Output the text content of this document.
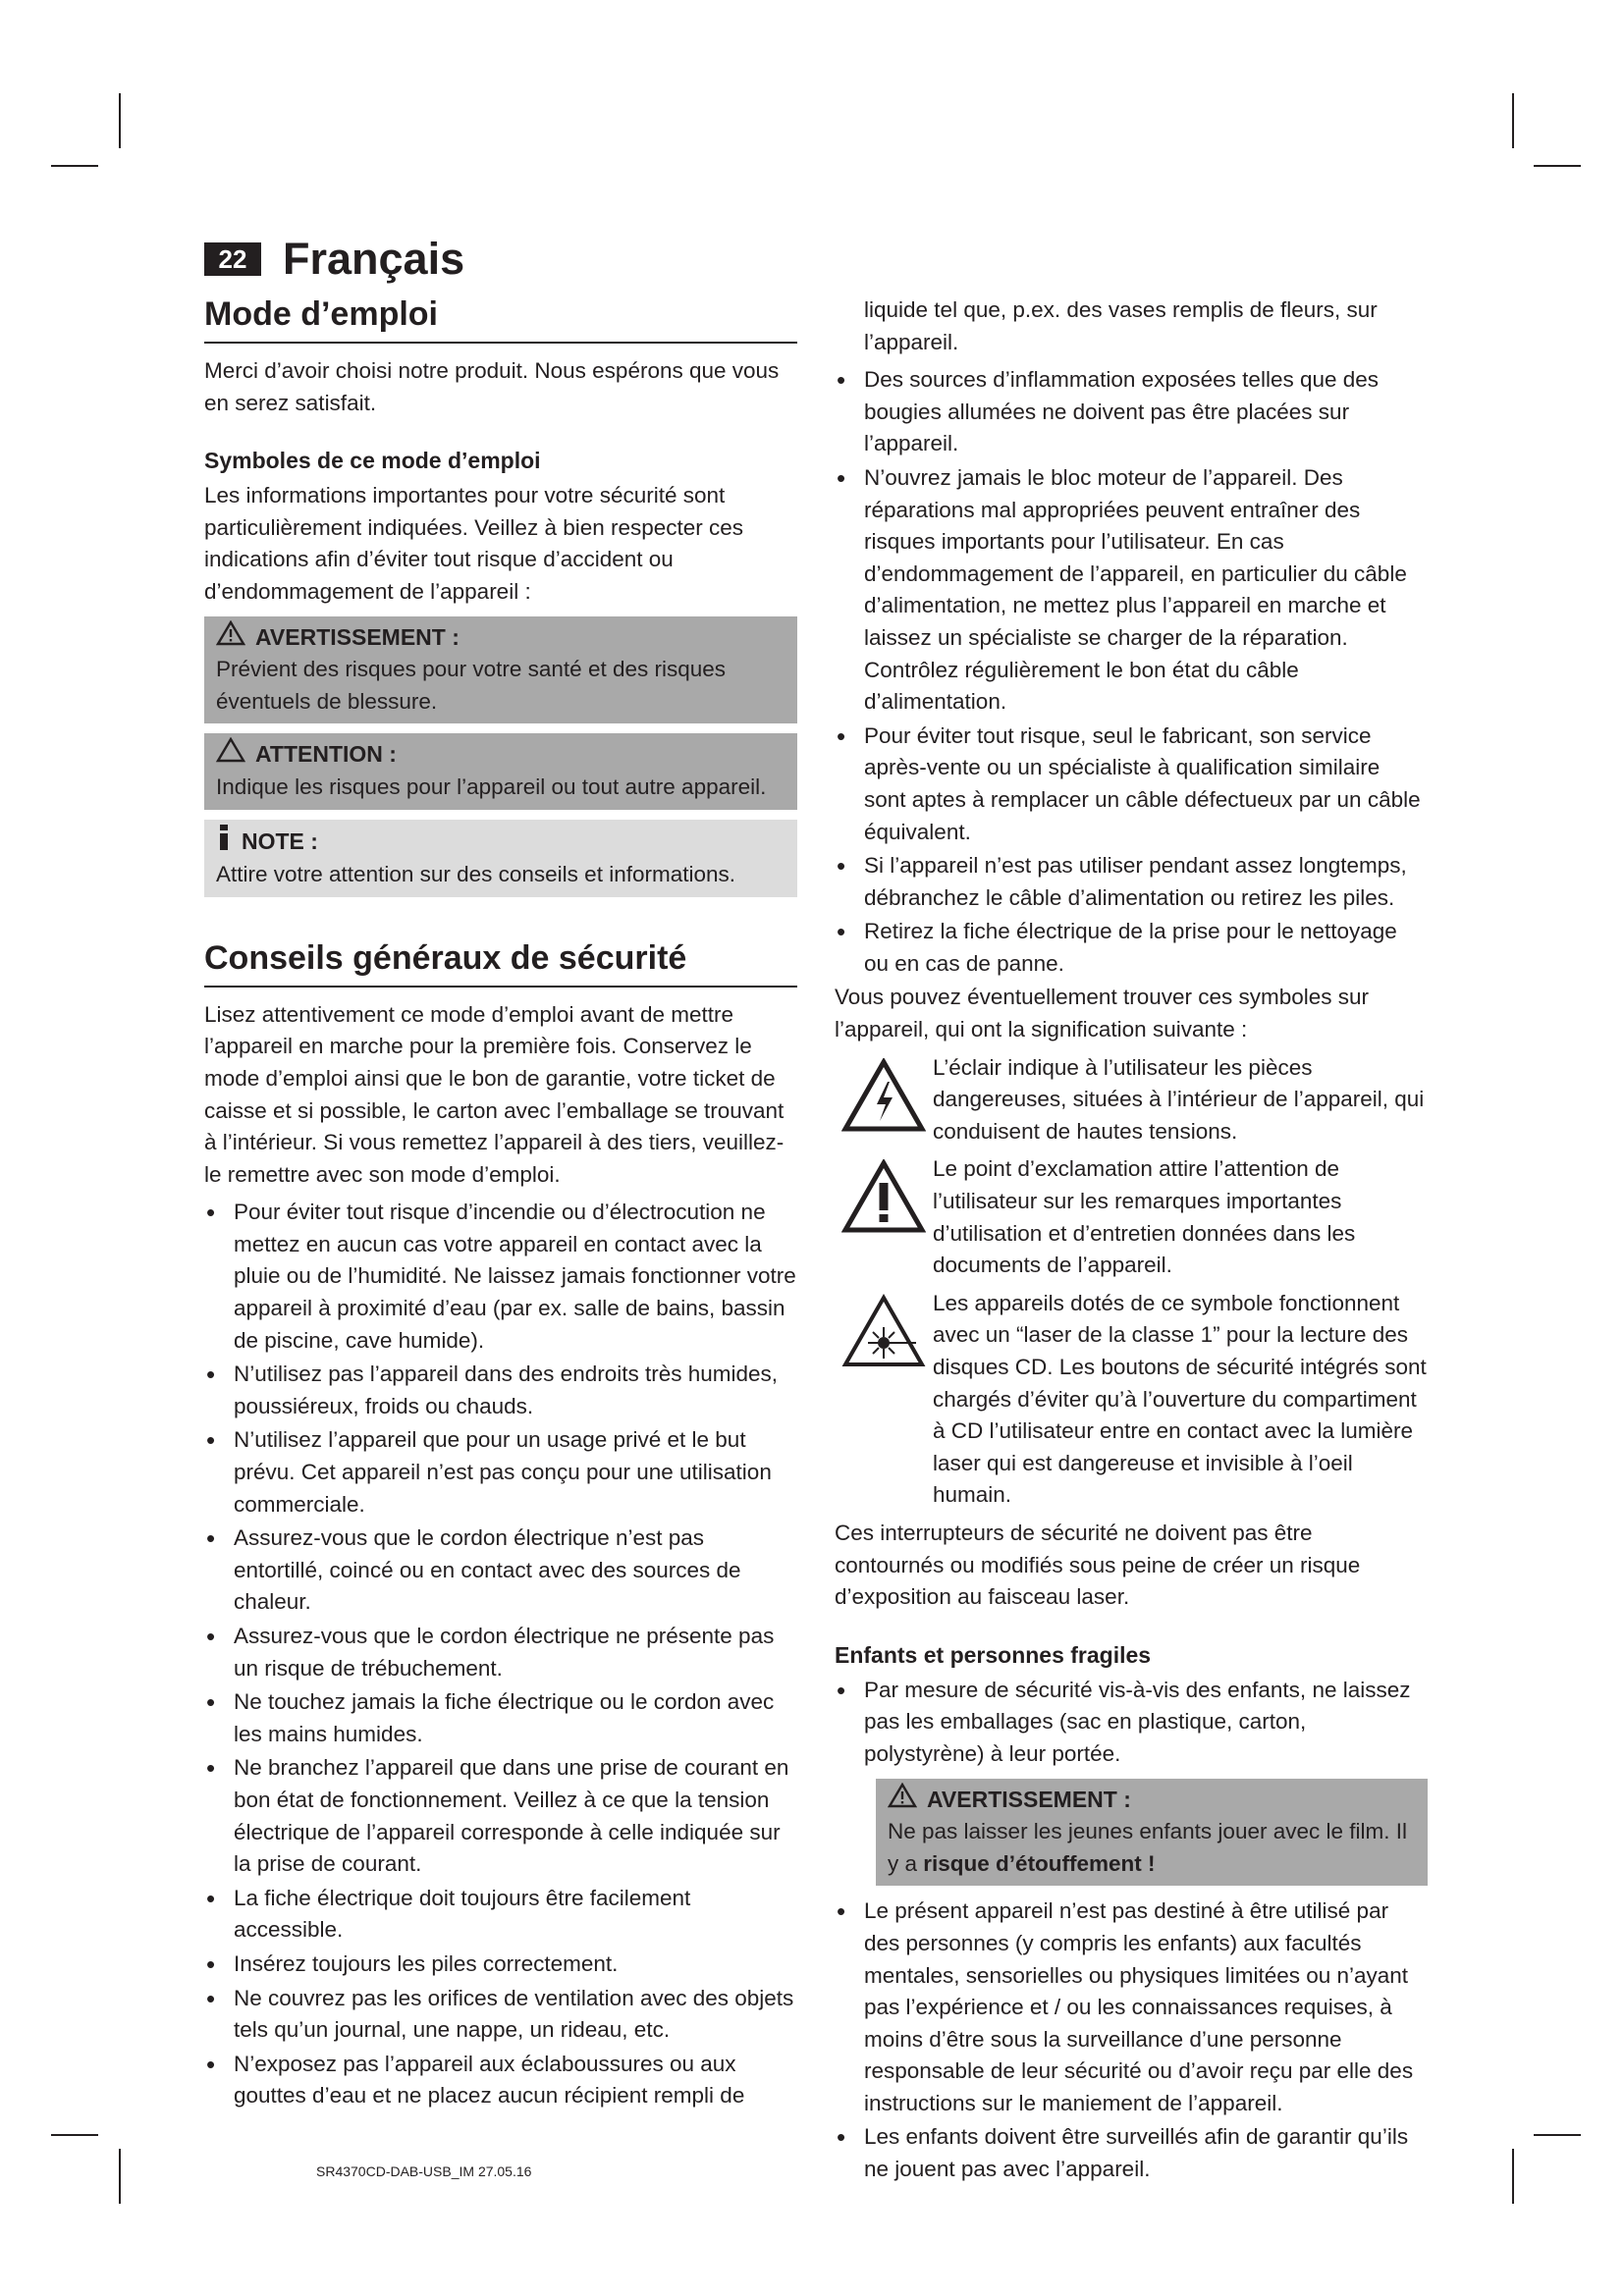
22 Français
Mode d’emploi

Merci d’avoir choisi notre produit. Nous espérons que vous en serez satisfait.

Symboles de ce mode d’emploi

Les informations importantes pour votre sécurité sont particulièrement indiquées. Veillez à bien respecter ces indications afin d’éviter tout risque d’accident ou d’endommagement de l’appareil :

AVERTISSEMENT :
Prévient des risques pour votre santé et des risques éventuels de blessure.
ATTENTION :
Indique les risques pour l’appareil ou tout autre appareil.
NOTE :
Attire votre attention sur des conseils et informations.
Conseils généraux de sécurité

Lisez attentivement ce mode d’emploi avant de mettre l’appareil en marche pour la première fois. Conservez le mode d’emploi ainsi que le bon de garantie, votre ticket de caisse et si possible, le carton avec l’emballage se trouvant à l’intérieur. Si vous remettez l’appareil à des tiers, veuillez-le remettre avec son mode d’emploi.

• Pour éviter tout risque d’incendie ou d’électrocution ne mettez en aucun cas votre appareil en contact avec la pluie ou de l’humidité. Ne laissez jamais fonctionner votre appareil à proximité d’eau (par ex. salle de bains, bassin de piscine, cave humide).
• N’utilisez pas l’appareil dans des endroits très humides, poussiéreux, froids ou chauds.
• N’utilisez l’appareil que pour un usage privé et le but prévu. Cet appareil n’est pas conçu pour une utilisation commerciale.
• Assurez-vous que le cordon électrique n’est pas entortillé, coincé ou en contact avec des sources de chaleur.
• Assurez-vous que le cordon électrique ne présente pas un risque de trébuchement.
• Ne touchez jamais la fiche électrique ou le cordon avec les mains humides.
• Ne branchez l’appareil que dans une prise de courant en bon état de fonctionnement. Veillez à ce que la tension électrique de l’appareil corresponde à celle indiquée sur la prise de courant.
• La fiche électrique doit toujours être facilement accessible.
• Insérez toujours les piles correctement.
• Ne couvrez pas les orifices de ventilation avec des objets tels qu’un journal, une nappe, un rideau, etc.
• N’exposez pas l’appareil aux éclaboussures ou aux gouttes d’eau et ne placez aucun récipient rempli de

liquide tel que, p.ex. des vases remplis de fleurs, sur l’appareil.

• Des sources d’inflammation exposées telles que des bougies allumées ne doivent pas être placées sur l’appareil.
• N’ouvrez jamais le bloc moteur de l’appareil. Des réparations mal appropriées peuvent entraîner des risques importants pour l’utilisateur. En cas d’endommagement de l’appareil, en particulier du câble d’alimentation, ne mettez plus l’appareil en marche et laissez un spécialiste se charger de la réparation. Contrôlez régulièrement le bon état du câble d’alimentation.
• Pour éviter tout risque, seul le fabricant, son service après-vente ou un spécialiste à qualification similaire sont aptes à remplacer un câble défectueux par un câble équivalent.
• Si l’appareil n’est pas utiliser pendant assez longtemps, débranchez le câble d’alimentation ou retirez les piles.
• Retirez la fiche électrique de la prise pour le nettoyage ou en cas de panne.

Vous pouvez éventuellement trouver ces symboles sur l’appareil, qui ont la signification suivante :

L’éclair indique à l’utilisateur les pièces dangereuses, situées à l’intérieur de l’appareil, qui conduisent de hautes tensions.
Le point d’exclamation attire l’attention de l’utilisateur sur les remarques importantes d’utilisation et d’entretien données dans les documents de l’appareil.
Les appareils dotés de ce symbole fonctionnent avec un “laser de la classe 1” pour la lecture des disques CD. Les boutons de sécurité intégrés sont chargés d’éviter qu’à l’ouverture du compartiment à CD l’utilisateur entre en contact avec la lumière laser qui est dangereuse et invisible à l’oeil humain.

Ces interrupteurs de sécurité ne doivent pas être contournés ou modifiés sous peine de créer un risque d’exposition au faisceau laser.

Enfants et personnes fragiles
• Par mesure de sécurité vis-à-vis des enfants, ne laissez pas les emballages (sac en plastique, carton, polystyrène) à leur portée.
AVERTISSEMENT :
Ne pas laisser les jeunes enfants jouer avec le film. Il y a risque d’étouffement !
• Le présent appareil n’est pas destiné à être utilisé par des personnes (y compris les enfants) aux facultés mentales, sensorielles ou physiques limitées ou n’ayant pas l’expérience et / ou les connaissances requises, à moins d’être sous la surveillance d’une personne responsable de leur sécurité ou d’avoir reçu par elle des instructions sur le maniement de l’appareil.
• Les enfants doivent être surveillés afin de garantir qu’ils ne jouent pas avec l’appareil.
SR4370CD-DAB-USB_IM 27.05.16
